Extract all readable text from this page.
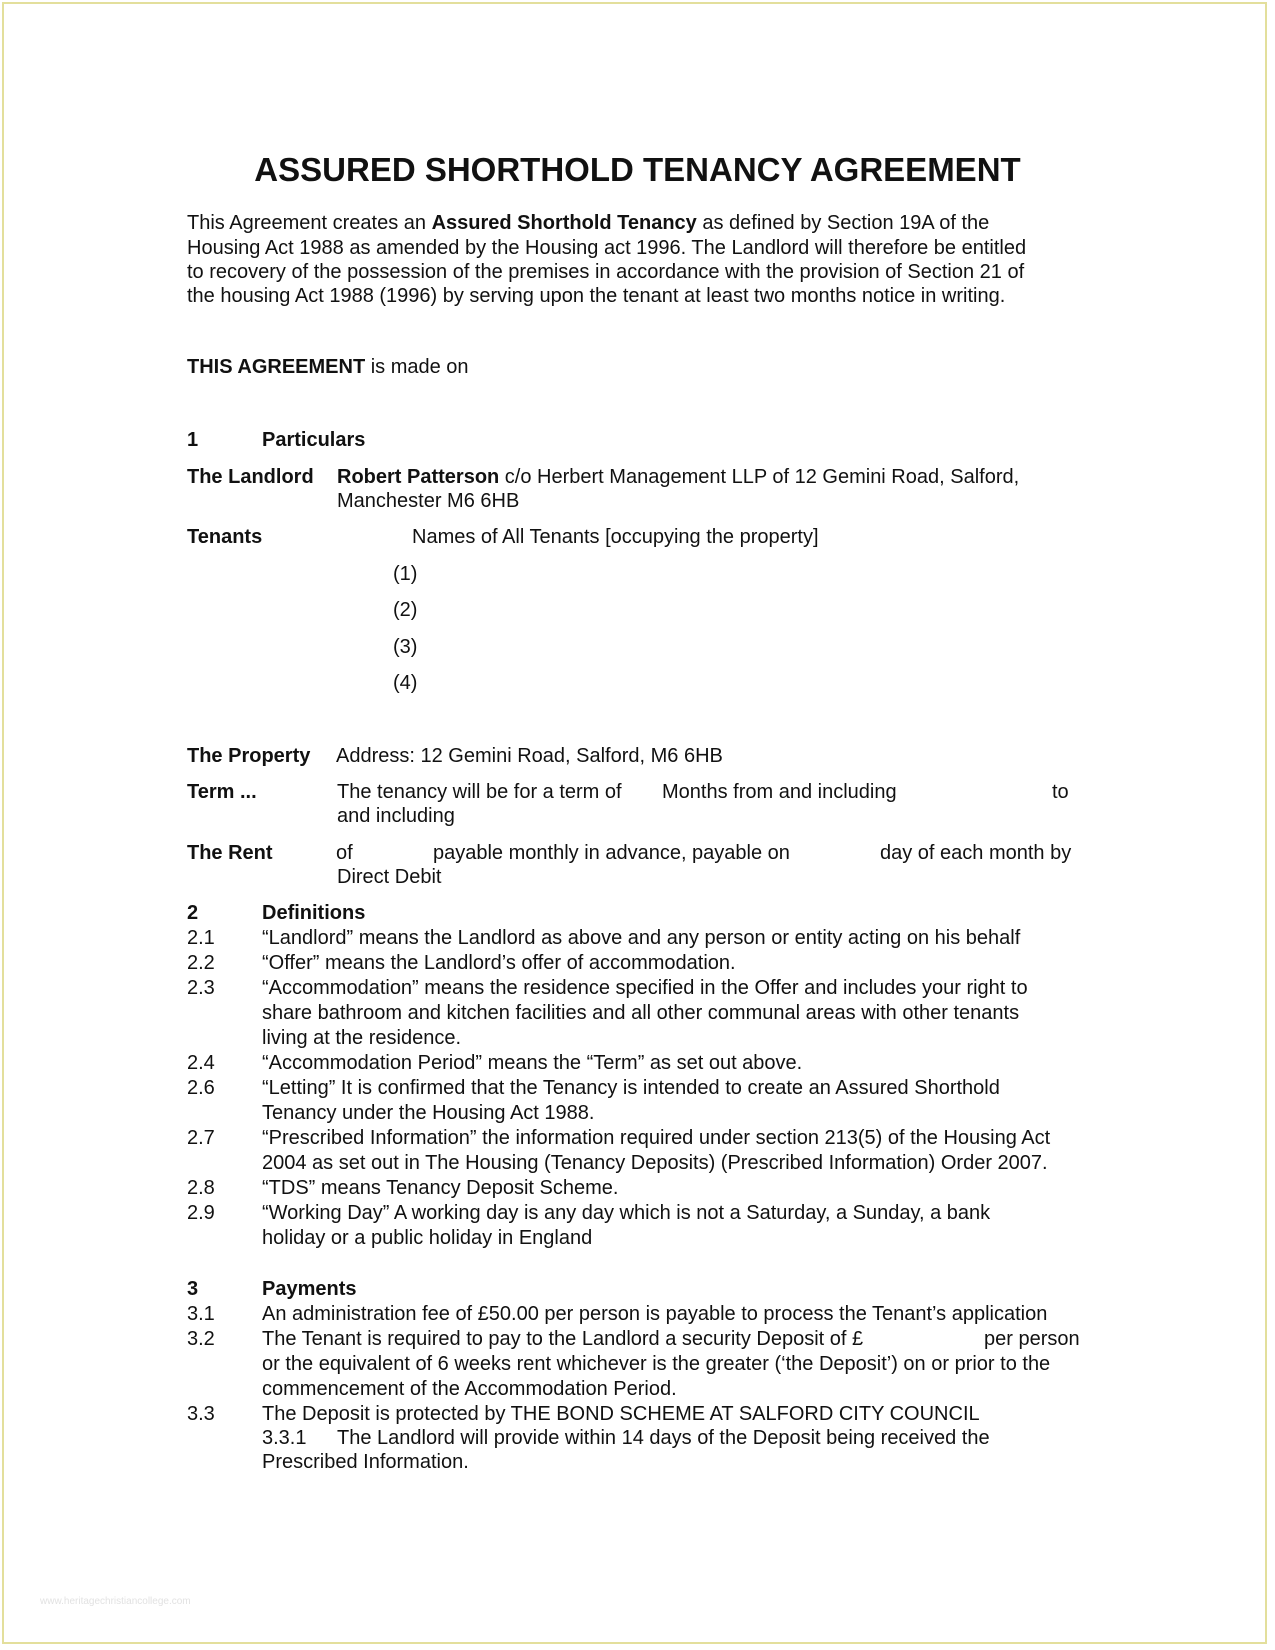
ASSURED SHORTHOLD TENANCY AGREEMENT
This Agreement creates an Assured Shorthold Tenancy as defined by Section 19A of the
Housing Act 1988 as amended by the Housing act 1996. The Landlord will therefore be entitled
to recovery of the possession of the premises in accordance with the provision of Section 21 of
the housing Act 1988 (1996) by serving upon the tenant at least two months notice in writing.
THIS AGREEMENT is made on
1	Particulars
The Landlord Robert Patterson c/o Herbert Management LLP of 12 Gemini Road, Salford,
Manchester M6 6HB
Tenants	Names of All Tenants [occupying the property]
(1)
(2)
(3)
(4)
The Property Address: 12 Gemini Road, Salford, M6 6HB
Term ...	The tenancy will be for a term of Months from and including	to
and including
The Rent	of	payable monthly in advance, payable on	day of each month by
Direct Debit
2	Definitions
2.1 “Landlord” means the Landlord as above and any person or entity acting on his behalf
2.2 “Offer” means the Landlord’s offer of accommodation.
2.3 “Accommodation” means the residence specified in the Offer and includes your right to
share bathroom and kitchen facilities and all other communal areas with other tenants
living at the residence.
2.4 “Accommodation Period” means the “Term” as set out above.
2.6 “Letting” It is confirmed that the Tenancy is intended to create an Assured Shorthold
Tenancy under the Housing Act 1988.
2.7 “Prescribed Information” the information required under section 213(5) of the Housing Act
2004 as set out in The Housing (Tenancy Deposits) (Prescribed Information) Order 2007.
2.8 “TDS” means Tenancy Deposit Scheme.
2.9 “Working Day” A working day is any day which is not a Saturday, a Sunday, a bank
holiday or a public holiday in England
3	Payments
3.1 An administration fee of £50.00 per person is payable to process the Tenant’s application
3.2 The Tenant is required to pay to the Landlord a security Deposit of £	per person
or the equivalent of 6 weeks rent whichever is the greater (‘the Deposit’) on or prior to the
commencement of the Accommodation Period.
3.3 The Deposit is protected by THE BOND SCHEME AT SALFORD CITY COUNCIL
3.3.1 The Landlord will provide within 14 days of the Deposit being received the
Prescribed Information.
www.heritagechristiancollege.com
